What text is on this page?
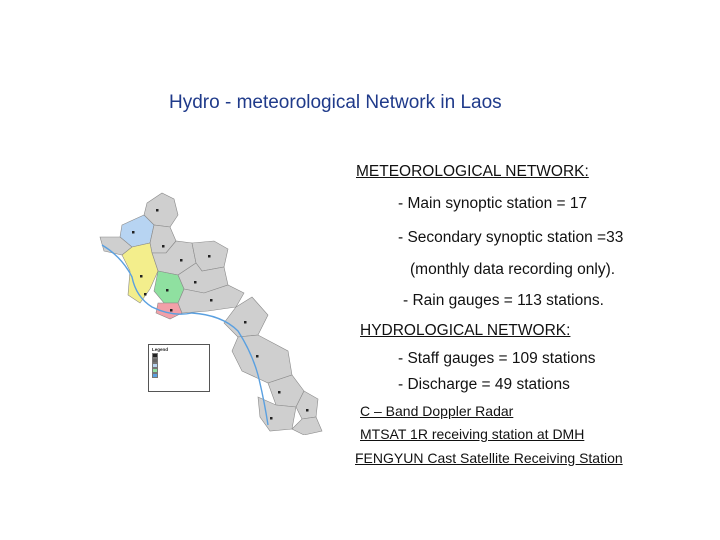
Hydro - meteorological Network in Laos
Legend
METEOROLOGICAL NETWORK:
- Main synoptic station = 17
- Secondary synoptic station =33
(monthly data recording only).
- Rain gauges = 113 stations.
HYDROLOGICAL NETWORK:
- Staff gauges = 109 stations
- Discharge = 49 stations
C – Band Doppler Radar
MTSAT 1R receiving station at DMH
FENGYUN Cast Satellite Receiving Station
